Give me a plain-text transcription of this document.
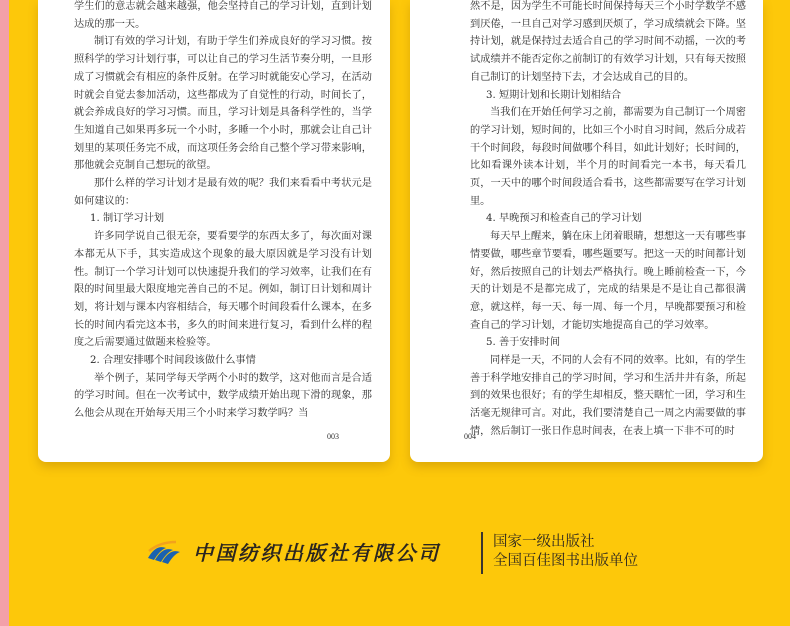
学生们的意志就会越来越强，他会坚持自己的学习计划，直到计划达成的那一天。

制订有效的学习计划，有助于学生们养成良好的学习习惯。按照科学的学习计划行事，可以让自己的学习生活节奏分明，一旦形成了习惯就会有相应的条件反射。在学习时就能安心学习，在活动时就会自觉去参加活动，这些都成为了自觉性的行动，时间长了，就会养成良好的学习习惯。而且，学习计划是具备科学性的，当学生知道自己如果再多玩一个小时，多睡一个小时，那就会让自己计划里的某项任务完不成，而这项任务会给自己整个学习带来影响，那他就会克制自己想玩的欲望。

那什么样的学习计划才是最有效的呢？我们来看看中考状元是如何建议的：

1. 制订学习计划

许多同学说自己很无奈，要看要学的东西太多了，每次面对课本都无从下手，其实造成这个现象的最大原因就是学习没有计划性。制订一个学习计划可以快速提升我们的学习效率，让我们在有限的时间里最大限度地完善自己的不足。例如，制订日计划和周计划，将计划与课本内容相结合，每天哪个时间段看什么课本，在多长的时间内看完这本书，多久的时间来进行复习，看到什么样的程度之后需要通过做题来检验等。

2. 合理安排哪个时间段该做什么事情

举个例子，某同学每天学两个小时的数学，这对他而言是合适的学习时间。但在一次考试中，数学成绩开始出现下滑的现象，那么他会从现在开始每天用三个小时来学习数学吗？当

003

然不是，因为学生不可能长时间保持每天三个小时学数学不感到厌倦，一旦自己对学习感到厌烦了，学习成绩就会下降。坚持计划，就是保持过去适合自己的学习时间不动摇，一次的考试成绩并不能否定你之前制订的有效学习计划，只有每天按照自己制订的计划坚持下去，才会达成自己的目的。

3. 短期计划和长期计划相结合

当我们在开始任何学习之前，都需要为自己制订一个周密的学习计划，短时间的，比如三个小时自习时间，然后分成若干个时间段，每段时间做哪个科目，如此计划好；长时间的，比如看课外读本计划，半个月的时间看完一本书，每天看几页，一天中的哪个时间段适合看书，这些都需要写在学习计划里。

4. 早晚预习和检查自己的学习计划

每天早上醒来，躺在床上闭着眼睛，想想这一天有哪些事情要做，哪些章节要看，哪些题要写。把这一天的时间都计划好，然后按照自己的计划去严格执行。晚上睡前检查一下，今天的计划是不是都完成了，完成的结果是不是让自己都很满意，就这样，每一天、每一周、每一个月，早晚都要预习和检查自己的学习计划，才能切实地提高自己的学习效率。

5. 善于安排时间

同样是一天，不同的人会有不同的效率。比如，有的学生善于科学地安排自己的学习时间，学习和生活井井有条，所起到的效果也很好；有的学生却相反，整天瞎忙一团，学习和生活毫无规律可言。对此，我们要清楚自己一周之内需要做的事情，然后制订一张日作息时间表，在表上填一下非不可的时

004
中国纺织出版社有限公司	国家一级出版社
全国百佳图书出版单位
